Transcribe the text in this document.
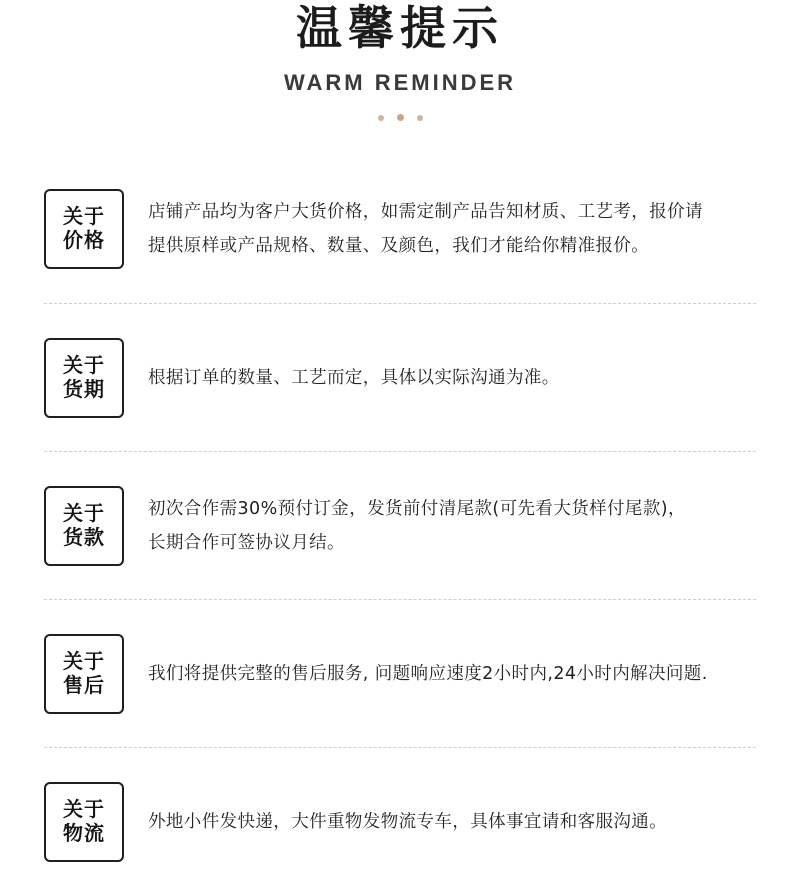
温馨提示
WARM REMINDER
关于
价格
店铺产品均为客户大货价格，如需定制产品告知材质、工艺考，报价请
提供原样或产品规格、数量、及颜色，我们才能给你精准报价。
关于
货期 根据订单的数量、工艺而定，具体以实际沟通为准。
关于
货款
初次合作需30%预付订金，发货前付清尾款(可先看大货样付尾款)，
长期合作可签协议月结。
关于
售后 我们将提供完整的售后服务, 问题响应速度2小时内,24小时内解决问题.
关于
物流 外地小件发快递，大件重物发物流专车，具体事宜请和客服沟通。
